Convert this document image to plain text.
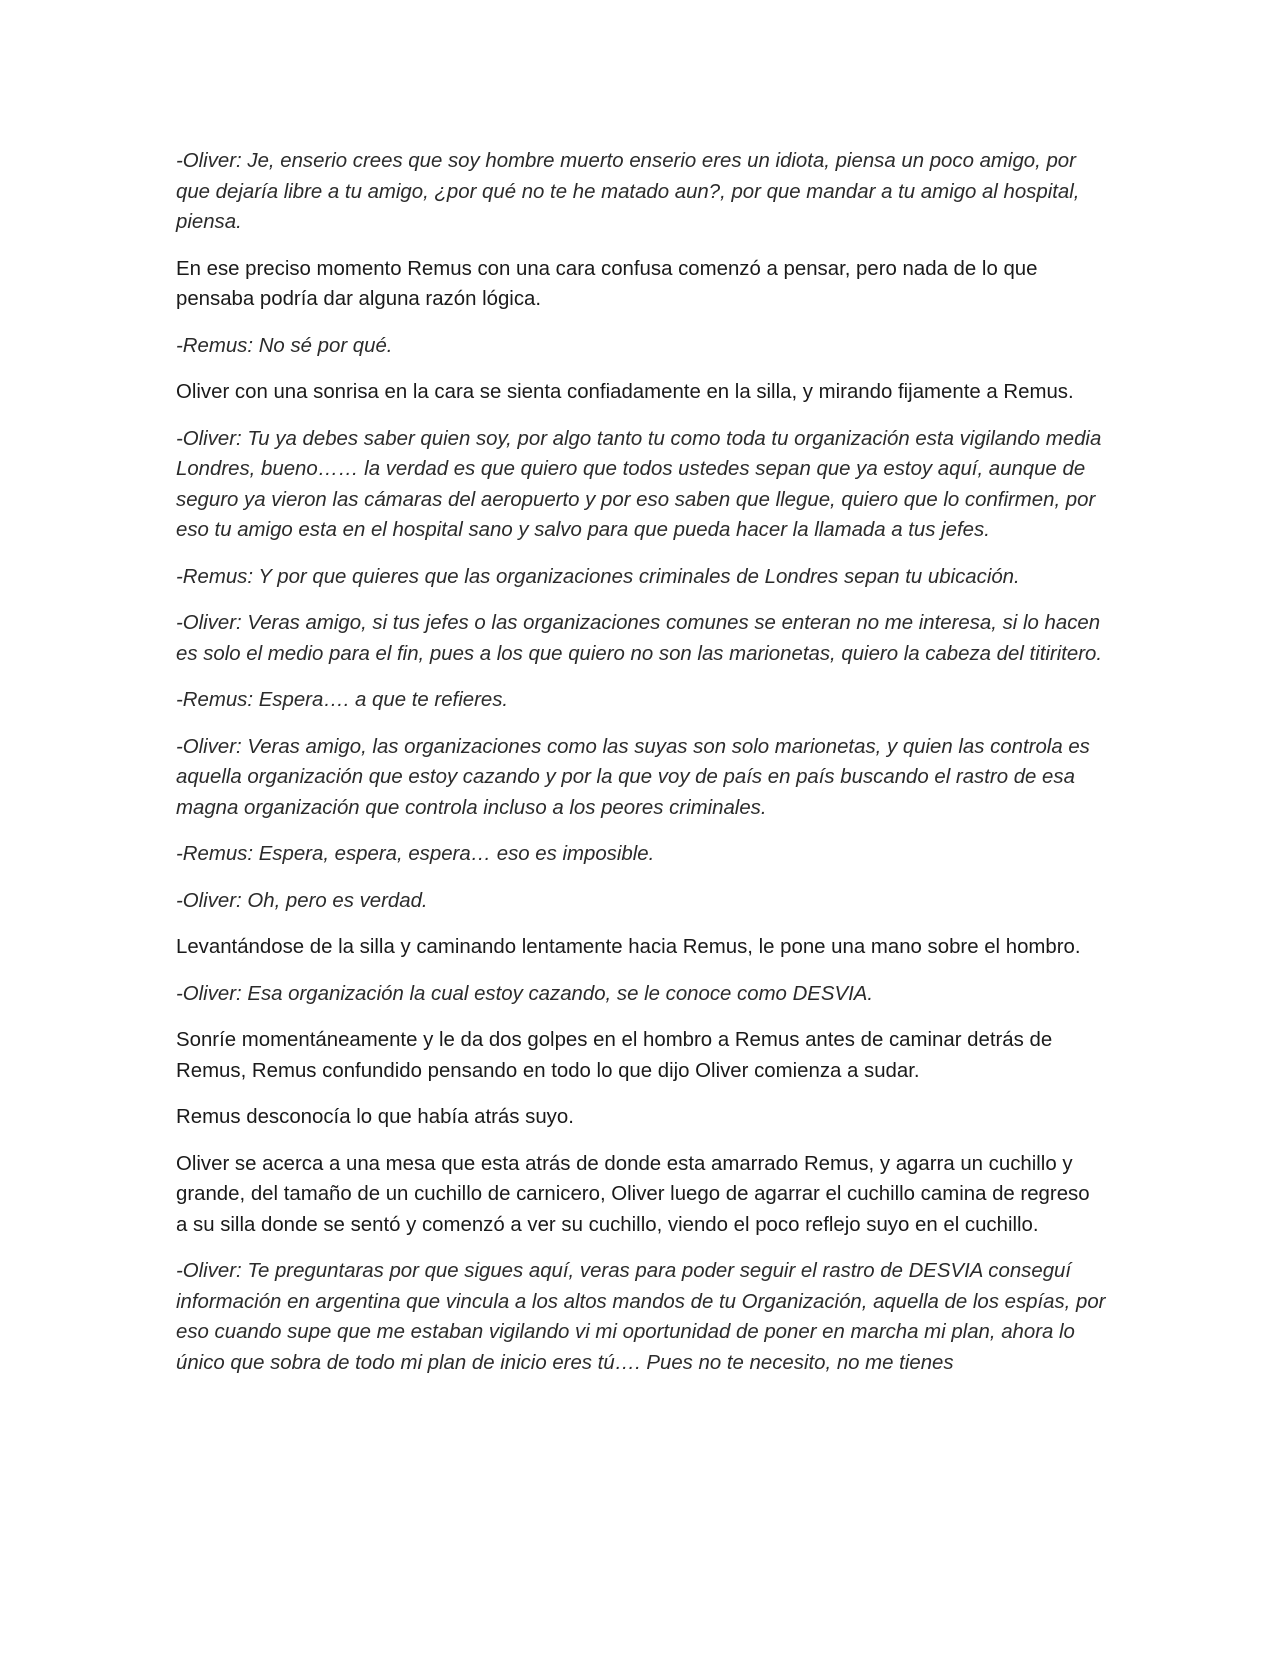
-Oliver: Je, enserio crees que soy hombre muerto enserio eres un idiota, piensa un poco amigo, por que dejaría libre a tu amigo, ¿por qué no te he matado aun?, por que mandar a tu amigo al hospital, piensa.

En ese preciso momento Remus con una cara confusa comenzó a pensar, pero nada de lo que pensaba podría dar alguna razón lógica.

-Remus: No sé por qué.

Oliver con una sonrisa en la cara se sienta confiadamente en la silla, y mirando fijamente a Remus.

-Oliver: Tu ya debes saber quien soy, por algo tanto tu como toda tu organización esta vigilando media Londres, bueno…… la verdad es que quiero que todos ustedes sepan que ya estoy aquí, aunque de seguro ya vieron las cámaras del aeropuerto y por eso saben que llegue, quiero que lo confirmen, por eso tu amigo esta en el hospital sano y salvo para que pueda hacer la llamada a tus jefes.

-Remus: Y por que quieres que las organizaciones criminales de Londres sepan tu ubicación.

-Oliver: Veras amigo, si tus jefes o las organizaciones comunes se enteran no me interesa, si lo hacen es solo el medio para el fin, pues a los que quiero no son las marionetas, quiero la cabeza del titiritero.

-Remus: Espera…. a que te refieres.

-Oliver: Veras amigo, las organizaciones como las suyas son solo marionetas, y quien las controla es aquella organización que estoy cazando y por la que voy de país en país buscando el rastro de esa magna organización que controla incluso a los peores criminales.

-Remus: Espera, espera, espera… eso es imposible.

-Oliver: Oh, pero es verdad.

Levantándose de la silla y caminando lentamente hacia Remus, le pone una mano sobre el hombro.

-Oliver: Esa organización la cual estoy cazando, se le conoce como DESVIA.

Sonríe momentáneamente y le da dos golpes en el hombro a Remus antes de caminar detrás de Remus, Remus confundido pensando en todo lo que dijo Oliver comienza a sudar.

Remus desconocía lo que había atrás suyo.

Oliver se acerca a una mesa que esta atrás de donde esta amarrado Remus, y agarra un cuchillo y grande, del tamaño de un cuchillo de carnicero, Oliver luego de agarrar el cuchillo camina de regreso a su silla donde se sentó y comenzó a ver su cuchillo, viendo el poco reflejo suyo en el cuchillo.

-Oliver: Te preguntaras por que sigues aquí, veras para poder seguir el rastro de DESVIA conseguí información en argentina que vincula a los altos mandos de tu Organización, aquella de los espías, por eso cuando supe que me estaban vigilando vi mi oportunidad de poner en marcha mi plan, ahora lo único que sobra de todo mi plan de inicio eres tú…. Pues no te necesito, no me tienes
